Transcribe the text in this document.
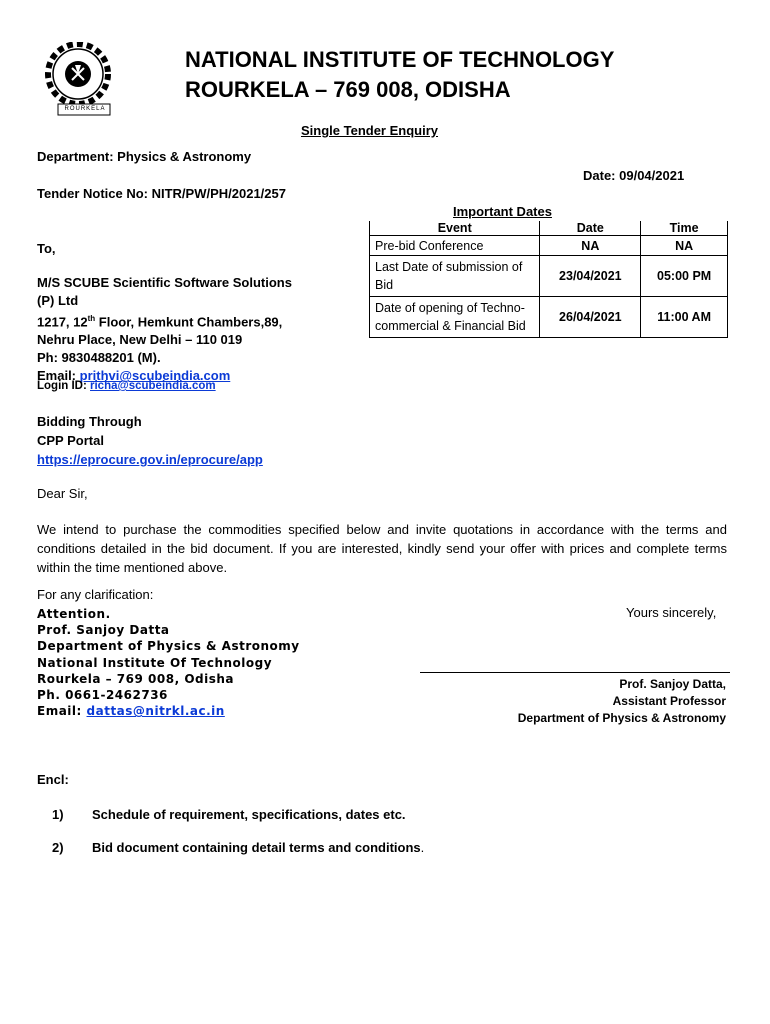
ROURKELA
NATIONAL INSTITUTE OF TECHNOLOGY
ROURKELA – 769 008, ODISHA
Single Tender Enquiry
Department: Physics & Astronomy
Date: 09/04/2021
Tender Notice No: NITR/PW/PH/2021/257
Important Dates
Event	Date	Time
Pre-bid Conference	NA	NA
Last Date of submission of Bid	23/04/2021	05:00 PM
Date of opening of Techno-commercial & Financial Bid	26/04/2021	11:00 AM
To,
M/S SCUBE Scientific Software Solutions
(P) Ltd
1217, 12th Floor, Hemkunt Chambers,89,
Nehru Place, New Delhi – 110 019
Ph: 9830488201 (M).
Email: prithvi@scubeindia.com
Login ID: richa@scubeindia.com
Bidding Through
CPP Portal
https://eprocure.gov.in/eprocure/app
Dear Sir,
We intend to purchase the commodities specified below and invite quotations in accordance with the terms and conditions detailed in the bid document. If you are interested, kindly send your offer with prices and complete terms within the time mentioned above.
For any clarification:
Attention.
Prof. Sanjoy Datta
Department of Physics & Astronomy
National Institute Of Technology
Rourkela – 769 008, Odisha
Ph. 0661-2462736
Email: dattas@nitrkl.ac.in
Yours sincerely,
Prof. Sanjoy Datta,
Assistant Professor
Department of Physics & Astronomy
Encl:
1) Schedule of requirement, specifications, dates etc.
2) Bid document containing detail terms and conditions.
